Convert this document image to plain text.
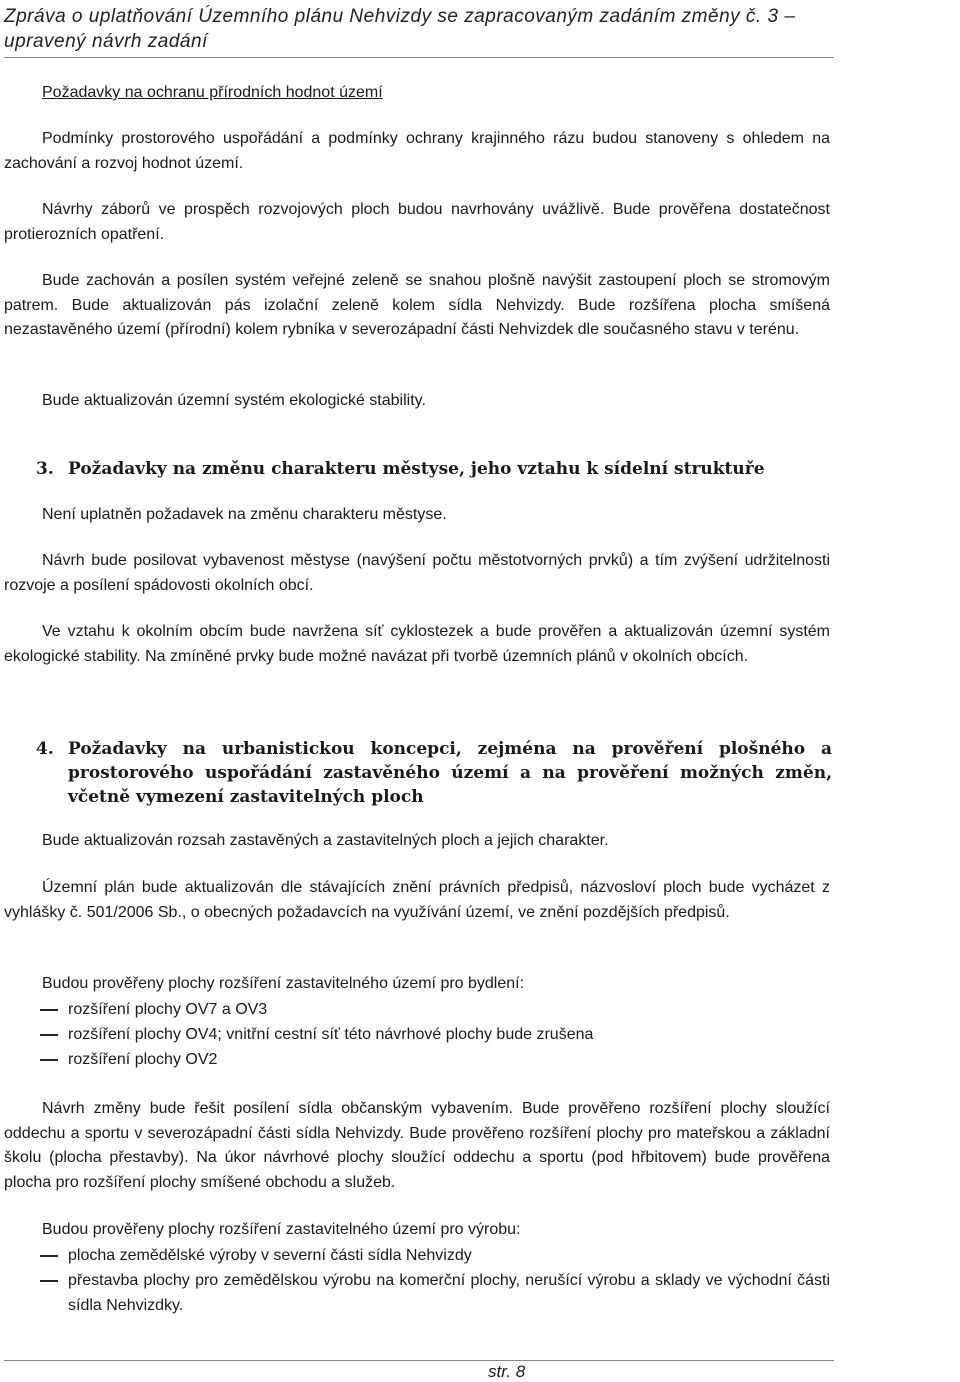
Zpráva o uplatňování Územního plánu Nehvizdy se zapracovaným zadáním změny č. 3 – upravený návrh zadání

Požadavky na ochranu přírodních hodnot území

Podmínky prostorového uspořádání a podmínky ochrany krajinného rázu budou stanoveny s ohledem na zachování a rozvoj hodnot území.

Návrhy záborů ve prospěch rozvojových ploch budou navrhovány uvážlivě. Bude prověřena dostatečnost protierozních opatření.

Bude zachován a posílen systém veřejné zeleně se snahou plošně navýšit zastoupení ploch se stromovým patrem. Bude aktualizován pás izolační zeleně kolem sídla Nehvizdy. Bude rozšířena plocha smíšená nezastavěného území (přírodní) kolem rybníka v severozápadní části Nehvizdek dle současného stavu v terénu.

Bude aktualizován územní systém ekologické stability.

3. Požadavky na změnu charakteru městyse, jeho vztahu k sídelní struktuře

Není uplatněn požadavek na změnu charakteru městyse.

Návrh bude posilovat vybavenost městyse (navýšení počtu městotvorných prvků) a tím zvýšení udržitelnosti rozvoje a posílení spádovosti okolních obcí.

Ve vztahu k okolním obcím bude navržena síť cyklostezek a bude prověřen a aktualizován územní systém ekologické stability. Na zmíněné prvky bude možné navázat při tvorbě územních plánů v okolních obcích.

4. Požadavky na urbanistickou koncepci, zejména na prověření plošného a prostorového uspořádání zastavěného území a na prověření možných změn, včetně vymezení zastavitelných ploch

Bude aktualizován rozsah zastavěných a zastavitelných ploch a jejich charakter.

Územní plán bude aktualizován dle stávajících znění právních předpisů, názvosloví ploch bude vycházet z vyhlášky č. 501/2006 Sb., o obecných požadavcích na využívání území, ve znění pozdějších předpisů.

Budou prověřeny plochy rozšíření zastavitelného území pro bydlení:

rozšíření plochy OV7 a OV3
rozšíření plochy OV4; vnitřní cestní síť této návrhové plochy bude zrušena
rozšíření plochy OV2

Návrh změny bude řešit posílení sídla občanským vybavením. Bude prověřeno rozšíření plochy sloužící oddechu a sportu v severozápadní části sídla Nehvizdy. Bude prověřeno rozšíření plochy pro mateřskou a základní školu (plocha přestavby). Na úkor návrhové plochy sloužící oddechu a sportu (pod hřbitovem) bude prověřena plocha pro rozšíření plochy smíšené obchodu a služeb.

Budou prověřeny plochy rozšíření zastavitelného území pro výrobu:

plocha zemědělské výroby v severní části sídla Nehvizdy
přestavba plochy pro zemědělskou výrobu na komerční plochy, nerušící výrobu a sklady ve východní části sídla Nehvizdky.
str. 8
